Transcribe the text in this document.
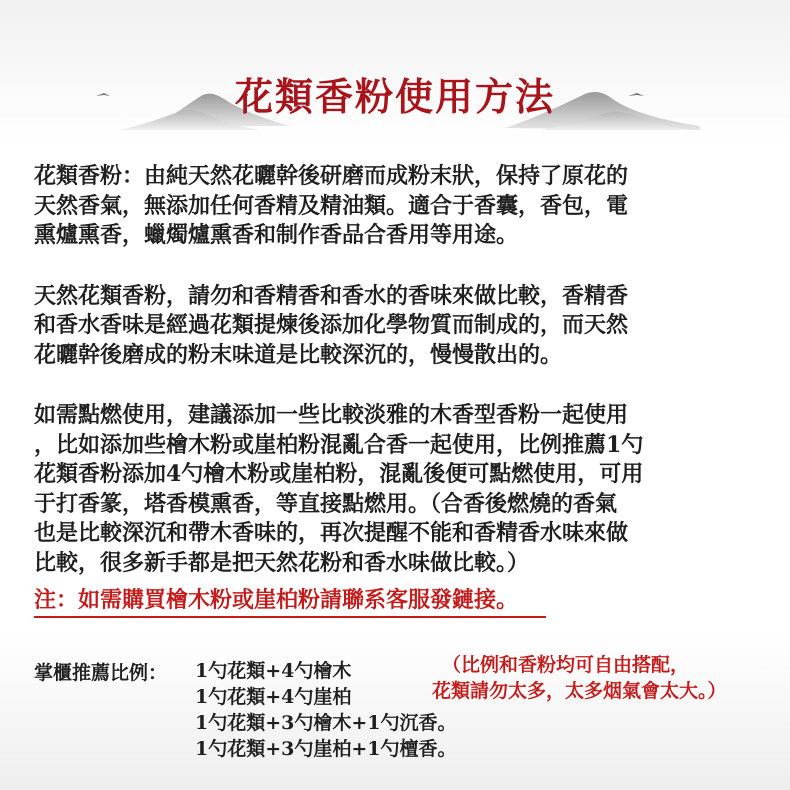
花類香粉使用方法

花類香粉：由純天然花曬幹後研磨而成粉末狀，保持了原花的
天然香氣，無添加任何香精及精油類。適合于香囊，香包，電
熏爐熏香，蠟燭爐熏香和制作香品合香用等用途。

天然花類香粉，請勿和香精香和香水的香味來做比較，香精香
和香水香味是經過花類提煉後添加化學物質而制成的，而天然
花曬幹後磨成的粉末味道是比較深沉的，慢慢散出的。

如需點燃使用，建議添加一些比較淡雅的木香型香粉一起使用
，比如添加些檜木粉或崖柏粉混亂合香一起使用，比例推薦1勺
花類香粉添加4勺檜木粉或崖柏粉，混亂後便可點燃使用，可用
于打香篆，塔香模熏香，等直接點燃用。（合香後燃燒的香氣
也是比較深沉和帶木香味的，再次提醒不能和香精香水味來做
比較，很多新手都是把天然花粉和香水味做比較。）

注：如需購買檜木粉或崖柏粉請聯系客服發鏈接。
掌櫃推薦比例： 1勺花類+4勺檜木
1勺花類+4勺崖柏
1勺花類+3勺檜木+1勺沉香。
1勺花類+3勺崖柏+1勺檀香。
（比例和香粉均可自由搭配，
花類請勿太多，太多烟氣會太大。）
